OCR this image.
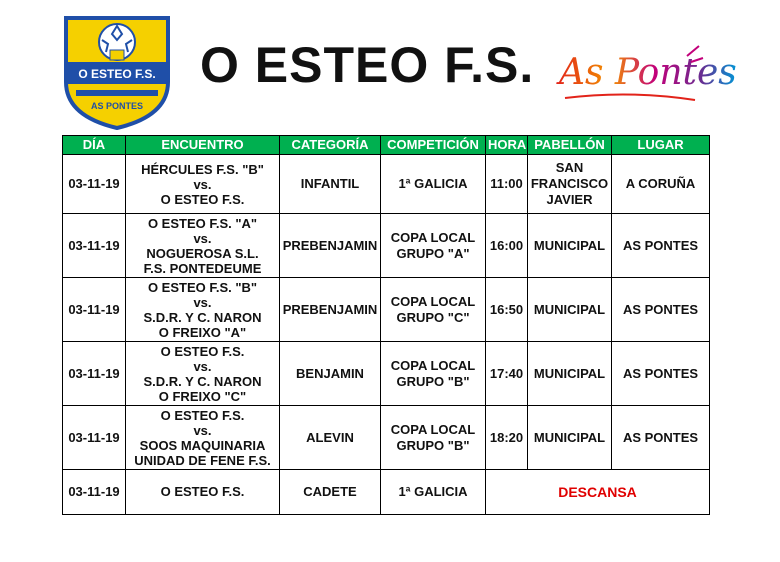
O ESTEO F.S.
AS PONTES
O ESTEO F.S. As Pontes
DÍA	ENCUENTRO	CATEGORÍA	COMPETICIÓN	HORA	PABELLÓN	LUGAR
03-11-19	HÉRCULES F.S. "B"
vs.
O ESTEO F.S.	INFANTIL	1ª GALICIA	11:00	SAN
FRANCISCO
JAVIER	A CORUÑA
03-11-19	O ESTEO F.S. "A"
vs.
NOGUEROSA S.L.
F.S. PONTEDEUME	PREBENJAMIN	COPA LOCAL
GRUPO "A"	16:00	MUNICIPAL	AS PONTES
03-11-19	O ESTEO F.S. "B"
vs.
S.D.R. Y C. NARON
O FREIXO "A"	PREBENJAMIN	COPA LOCAL
GRUPO "C"	16:50	MUNICIPAL	AS PONTES
03-11-19	O ESTEO F.S.
vs.
S.D.R. Y C. NARON
O FREIXO "C"	BENJAMIN	COPA LOCAL
GRUPO "B"	17:40	MUNICIPAL	AS PONTES
03-11-19	O ESTEO F.S.
vs.
SOOS MAQUINARIA
UNIDAD DE FENE F.S.	ALEVIN	COPA LOCAL
GRUPO "B"	18:20	MUNICIPAL	AS PONTES
03-11-19	O ESTEO F.S.	CADETE	1ª GALICIA	DESCANSA		
